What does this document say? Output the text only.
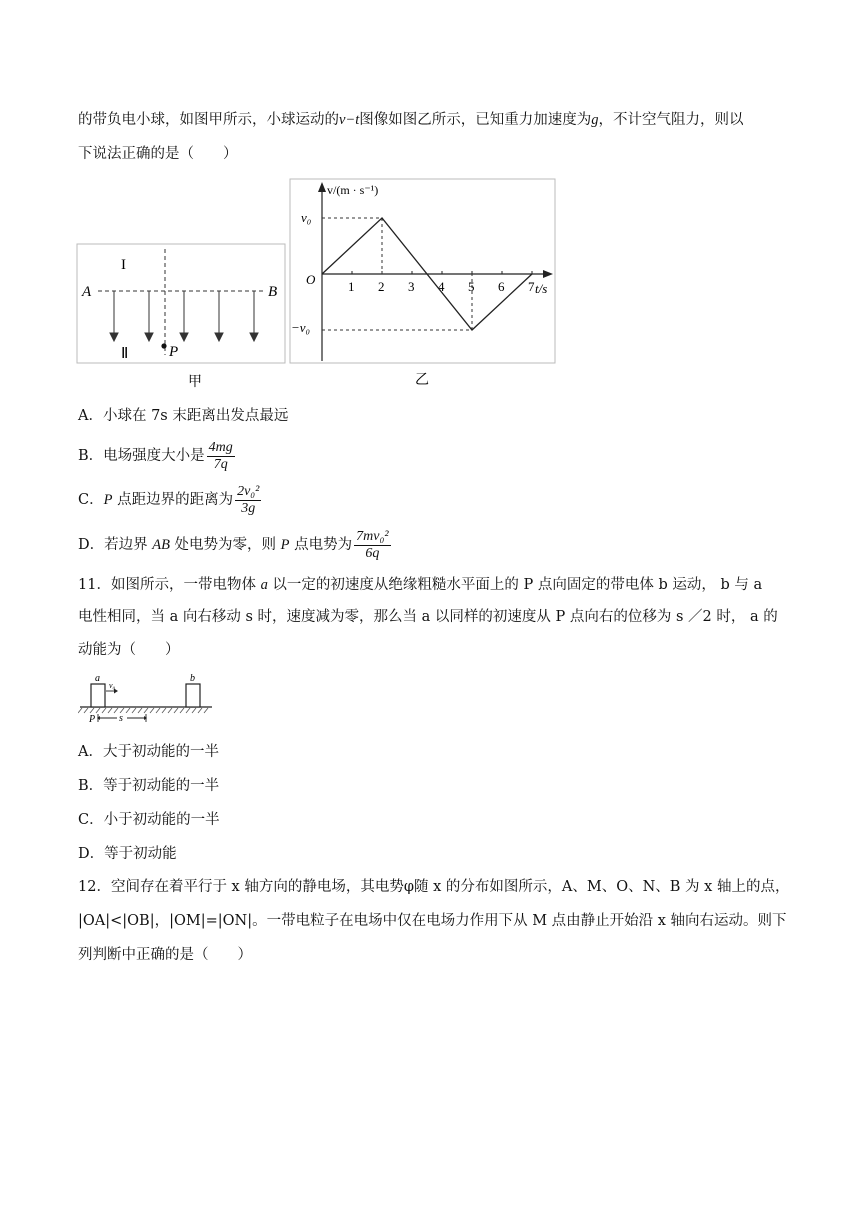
的带负电小球，如图甲所示，小球运动的v−t图像如图乙所示，已知重力加速度为g，不计空气阻力，则以
下说法正确的是（　　）
I
Ⅱ
A	B
P
甲
v/(m · s⁻¹)
t/s
O
v₀
−v₀
1 2 3 4 5 6 7
乙
A．小球在 7s 末距离出发点最远
B．电场强度大小是 $\frac{4mg}{7q}$
C．P 点距边界的距离为 $\frac{\text{2v₀²}}{3g}$
D．若边界 AB 处电势为零，则 P 点电势为 $\frac{\text{7mv₀²}}{6q}$
11．如图所示，一带电物体 a 以一定的初速度从绝缘粗糙水平面上的 P 点向固定的带电体 b 运动， b 与 a
电性相同，当 a 向右移动 s 时，速度减为零，那么当 a 以同样的初速度从 P 点向右的位移为 s ／2 时， a 的
动能为（　　）
a	b
v₀
P s
A．大于初动能的一半
B．等于初动能的一半
C．小于初动能的一半
D．等于初动能
12．空间存在着平行于 x 轴方向的静电场，其电势φ随 x 的分布如图所示，A、M、O、N、B 为 x 轴上的点，
|OA|<|OB|，|OM|=|ON|。一带电粒子在电场中仅在电场力作用下从 M 点由静止开始沿 x 轴向右运动。则下
列判断中正确的是（　　）
